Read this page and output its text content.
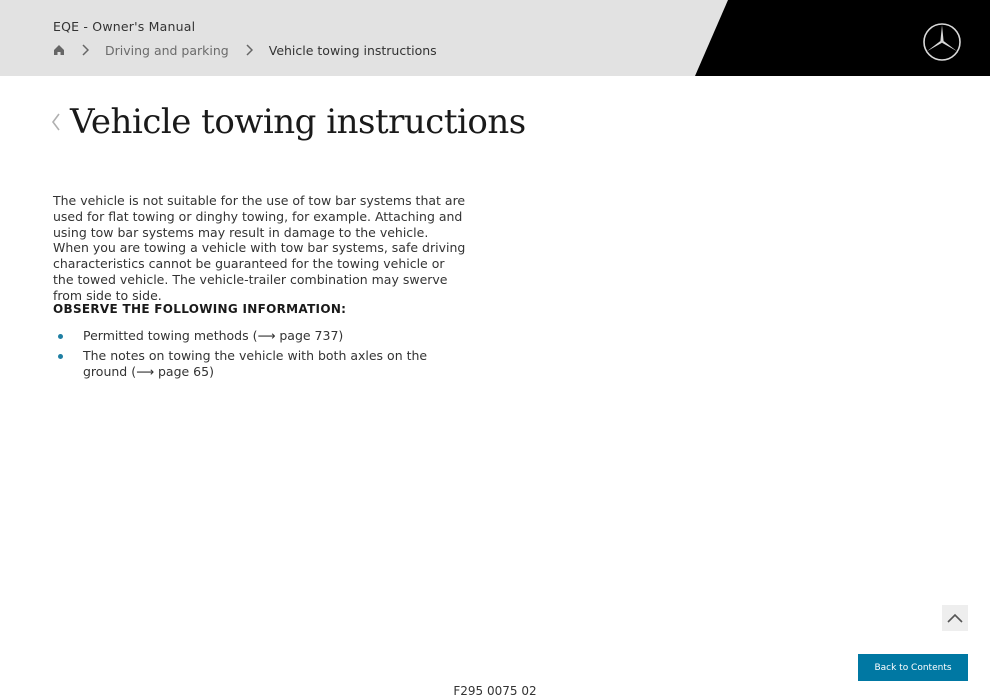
EQE - Owner's Manual
Driving and parking	Vehicle towing instructions
Vehicle towing instructions

The vehicle is not suitable for the use of tow bar systems that are used for flat towing or dinghy towing, for example. Attaching and using tow bar systems may result in damage to the vehicle. When you are towing a vehicle with tow bar systems, safe driving characteristics cannot be guaranteed for the towing vehicle or the towed vehicle. The vehicle-trailer combination may swerve from side to side.

OBSERVE THE FOLLOWING INFORMATION:

Permitted towing methods (⟶ page 737)
The notes on towing the vehicle with both axles on the ground (⟶ page 65)
Back to Contents
F295 0075 02
